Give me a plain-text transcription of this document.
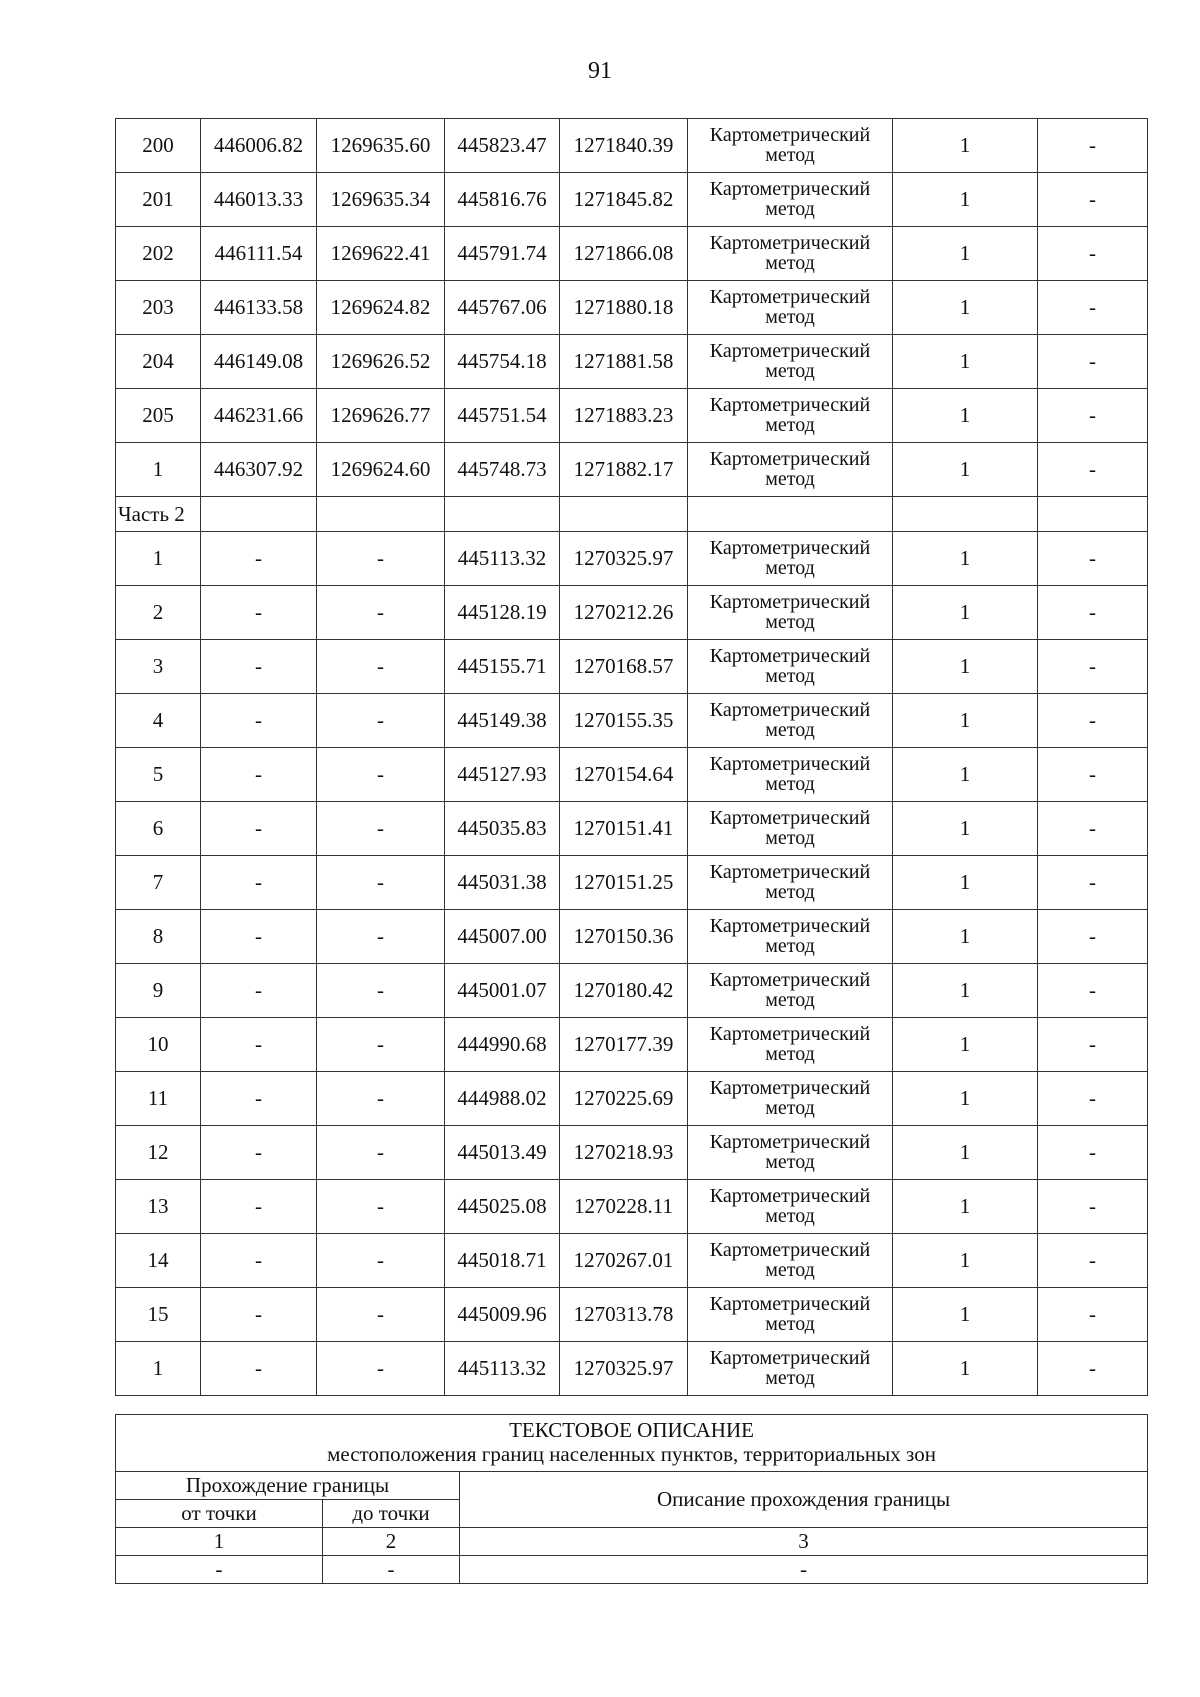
91
200	446006.82	1269635.60	445823.47	1271840.39	Картометрический метод	1	-
201	446013.33	1269635.34	445816.76	1271845.82	Картометрический метод	1	-
202	446111.54	1269622.41	445791.74	1271866.08	Картометрический метод	1	-
203	446133.58	1269624.82	445767.06	1271880.18	Картометрический метод	1	-
204	446149.08	1269626.52	445754.18	1271881.58	Картометрический метод	1	-
205	446231.66	1269626.77	445751.54	1271883.23	Картометрический метод	1	-
1	446307.92	1269624.60	445748.73	1271882.17	Картометрический метод	1	-
Часть 2							
1	-	-	445113.32	1270325.97	Картометрический метод	1	-
2	-	-	445128.19	1270212.26	Картометрический метод	1	-
3	-	-	445155.71	1270168.57	Картометрический метод	1	-
4	-	-	445149.38	1270155.35	Картометрический метод	1	-
5	-	-	445127.93	1270154.64	Картометрический метод	1	-
6	-	-	445035.83	1270151.41	Картометрический метод	1	-
7	-	-	445031.38	1270151.25	Картометрический метод	1	-
8	-	-	445007.00	1270150.36	Картометрический метод	1	-
9	-	-	445001.07	1270180.42	Картометрический метод	1	-
10	-	-	444990.68	1270177.39	Картометрический метод	1	-
11	-	-	444988.02	1270225.69	Картометрический метод	1	-
12	-	-	445013.49	1270218.93	Картометрический метод	1	-
13	-	-	445025.08	1270228.11	Картометрический метод	1	-
14	-	-	445018.71	1270267.01	Картометрический метод	1	-
15	-	-	445009.96	1270313.78	Картометрический метод	1	-
1	-	-	445113.32	1270325.97	Картометрический метод	1	-
ТЕКСТОВОЕ ОПИСАНИЕ
местоположения границ населенных пунктов, территориальных зон		

Прохождение границы		Описание прохождения границы
от точки	до точки	
1	2	3
-	-	-
